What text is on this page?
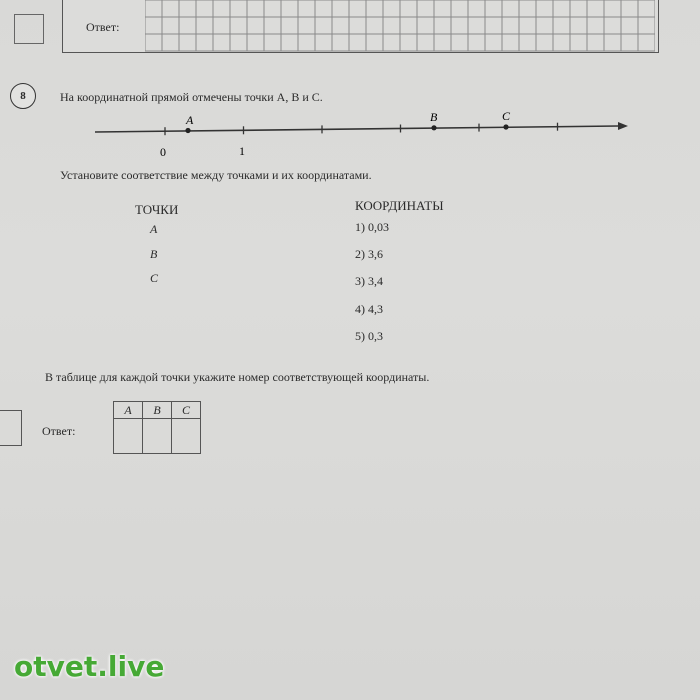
Ответ:
8	На координатной прямой отмечены точки A, B и C.
0	1
A	B	C
Установите соответствие между точками и их координатами.
ТОЧКИ
A
B
C
КООРДИНАТЫ
1) 0,03
2) 3,6
3) 3,4
4) 4,3
5) 0,3
В таблице для каждой точки укажите номер соответствующей координаты.
Ответ:
A	B	C

otvet.live
